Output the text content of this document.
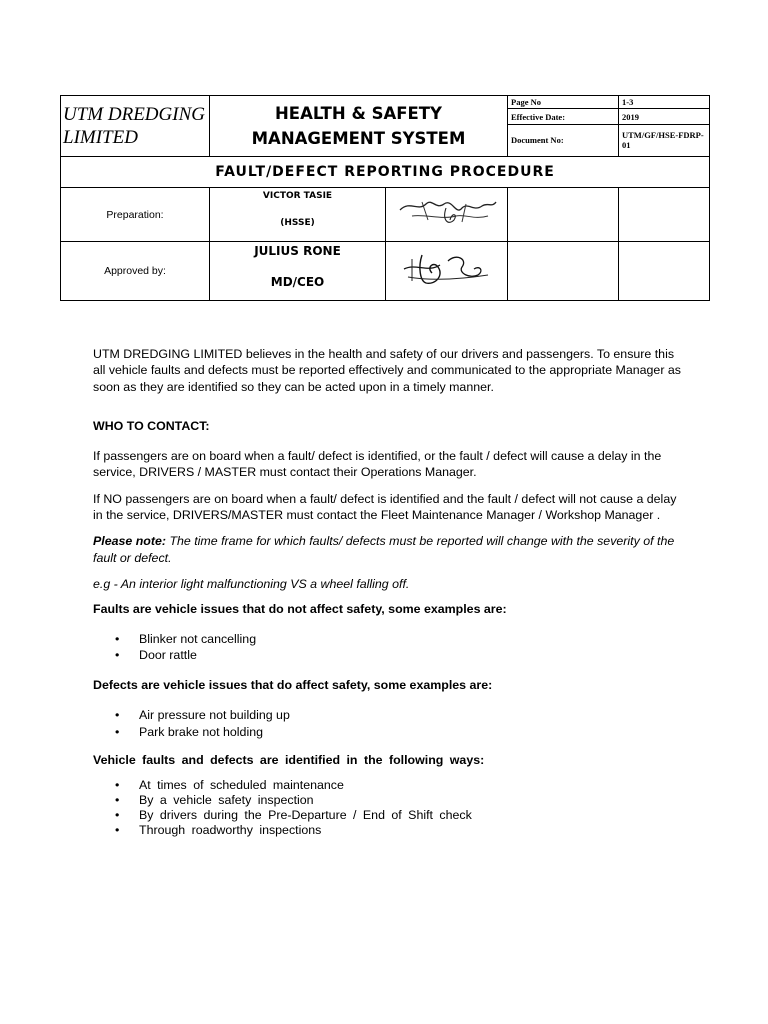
UTM DREDGING LIMITED	HEALTH & SAFETY MANAGEMENT SYSTEM		Page No	1-3
			Effective Date:	2019
			Document No:	UTM/GF/HSE-FDRP-01
FAULT/DEFECT REPORTING PROCEDURE				
Preparation:	VICTOR TASIE
(HSSE)

Approved by:	JULIUS RONE
MD/CEO

UTM DREDGING LIMITED believes in the health and safety of our drivers and passengers. To ensure this all vehicle faults and defects must be reported effectively and communicated to the appropriate Manager as soon as they are identified so they can be acted upon in a timely manner.

WHO TO CONTACT:

If passengers are on board when a fault/ defect is identified, or the fault / defect will cause a delay in the service, DRIVERS / MASTER must contact their Operations Manager.

If NO passengers are on board when a fault/ defect is identified and the fault / defect will not cause a delay in the service, DRIVERS/MASTER must contact the Fleet Maintenance Manager / Workshop Manager .

Please note: The time frame for which faults/ defects must be reported will change with the severity of the fault or defect.

e.g - An interior light malfunctioning VS a wheel falling off.

Faults are vehicle issues that do not affect safety, some examples are:

• Blinker not cancelling
• Door rattle

Defects are vehicle issues that do affect safety, some examples are:

• Air pressure not building up
• Park brake not holding

Vehicle faults and defects are identified in the following ways:

• At times of scheduled maintenance
• By a vehicle safety inspection
• By drivers during the Pre-Departure / End of Shift check
• Through roadworthy inspections
